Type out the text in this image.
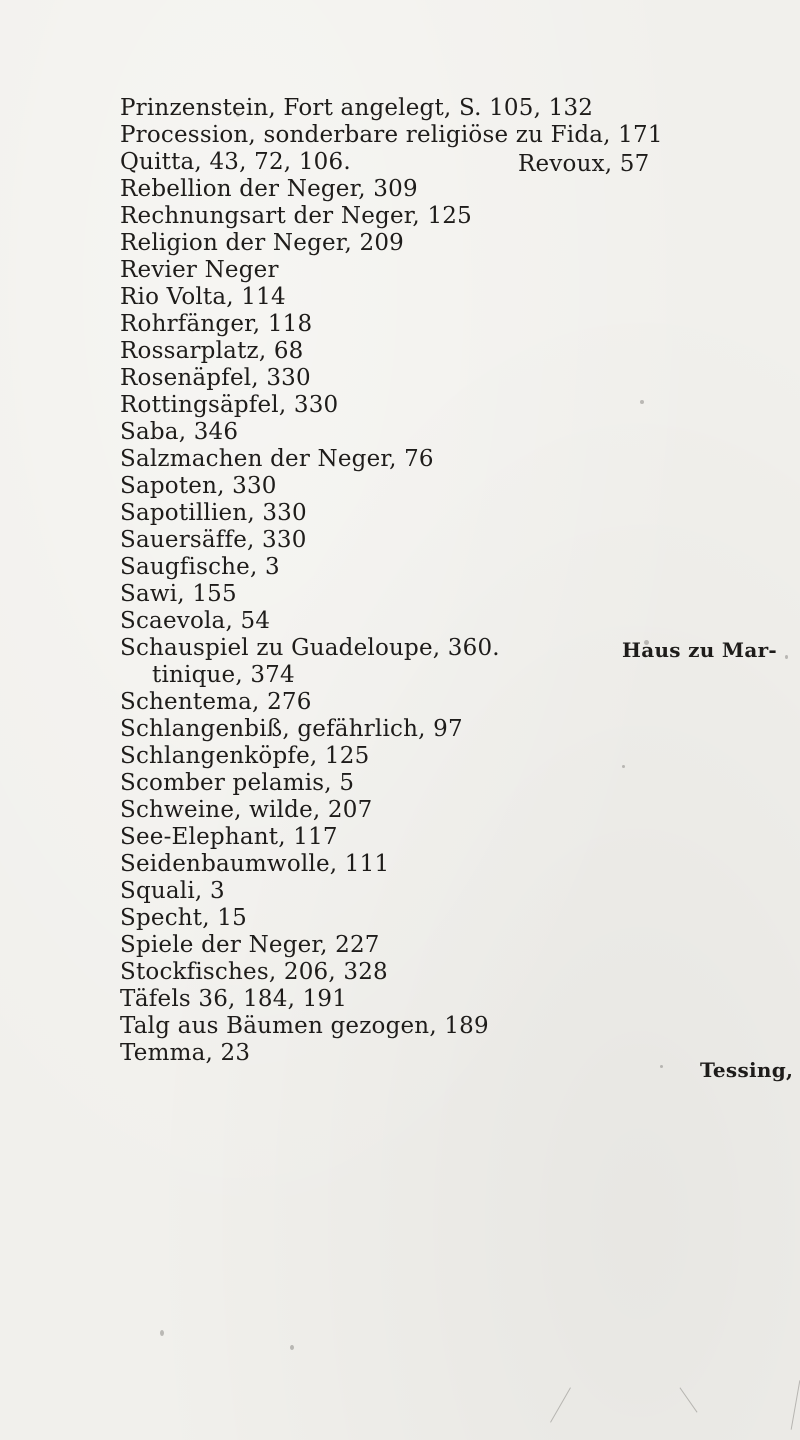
Prinzenstein, Fort angelegt, S. 105, 132
Procession, sonderbare religiöse zu Fida, 171
Quitta, 43, 72, 106.	Revoux, 57
Rebellion der Neger, 309
Rechnungsart der Neger, 125
Religion der Neger, 209
Revier Neger
Rio Volta, 114
Rohrfänger, 118
Rossarplatz, 68
Rosenäpfel, 330
Rottingsäpfel, 330
Saba, 346
Salzmachen der Neger, 76
Sapoten, 330
Sapotillien, 330
Sauersäffe, 330
Saugfische, 3
Sawi, 155
Scaevola, 54
Schauspiel zu Guadeloupe, 360.	Haus zu Mar-
tinique, 374
Schentema, 276
Schlangenbiß, gefährlich, 97
Schlangenköpfe, 125
Scomber pelamis, 5
Schweine, wilde, 207
See-Elephant, 117
Seidenbaumwolle, 111
Squali, 3
Specht, 15
Spiele der Neger, 227
Stockfisches, 206, 328
Täfels 36, 184, 191
Talg aus Bäumen gezogen, 189
Temma, 23
Tessing,
